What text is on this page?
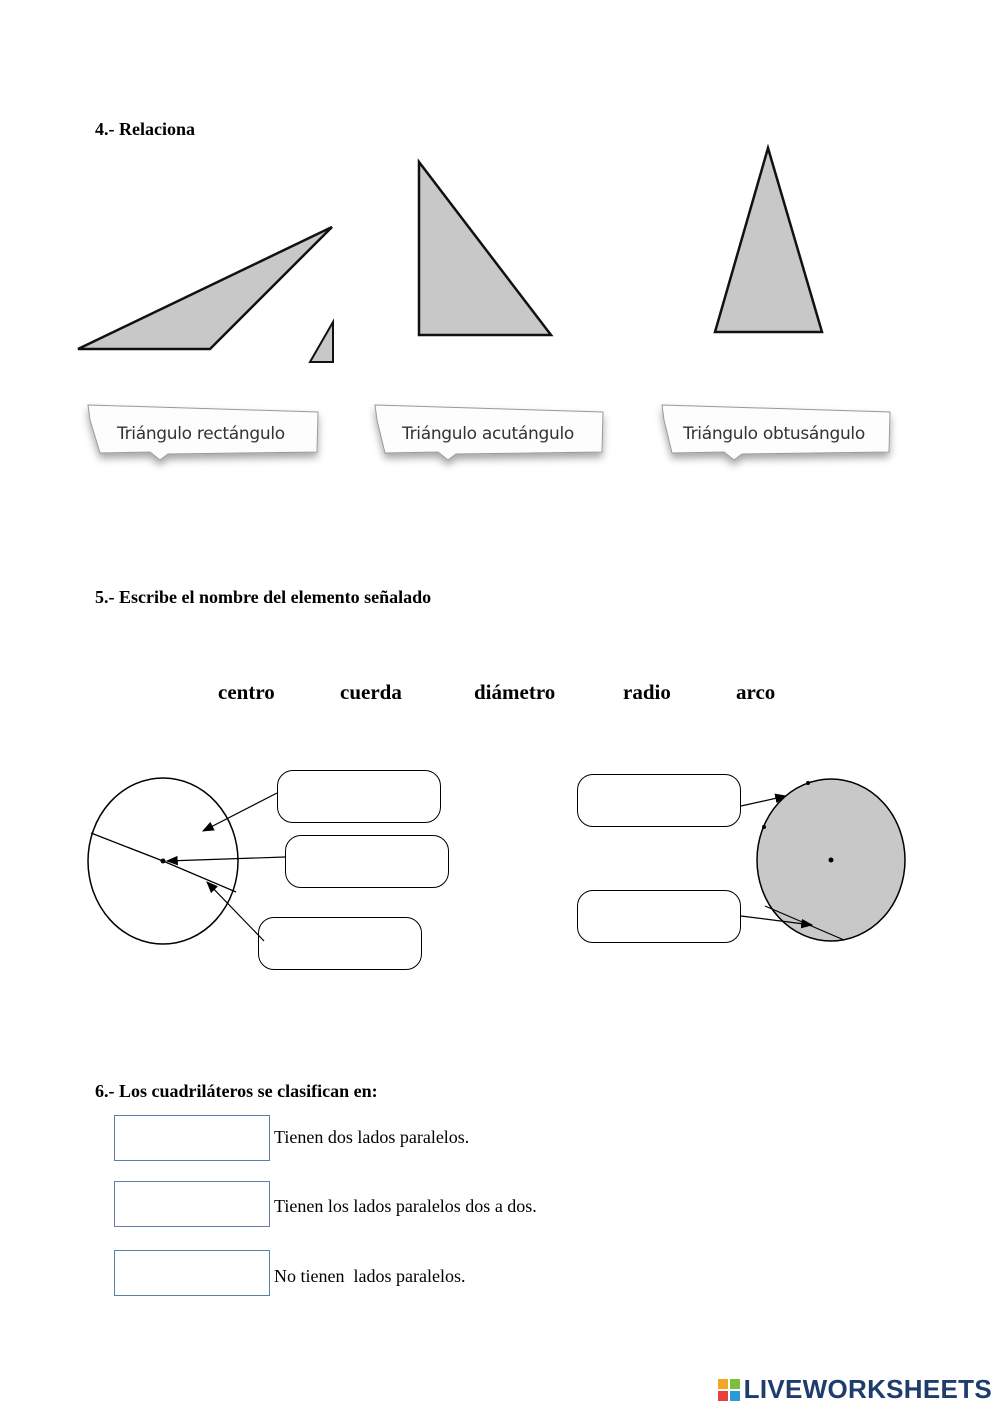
4.- Relaciona
Triángulo rectángulo	Triángulo acutángulo	Triángulo obtusángulo
5.- Escribe el nombre del elemento señalado
centro	cuerda	diámetro	radio	arco
6.- Los cuadriláteros se clasifican en:
Tienen dos lados paralelos.
Tienen los lados paralelos dos a dos.
No tienen  lados paralelos.
LIVEWORKSHEETS
